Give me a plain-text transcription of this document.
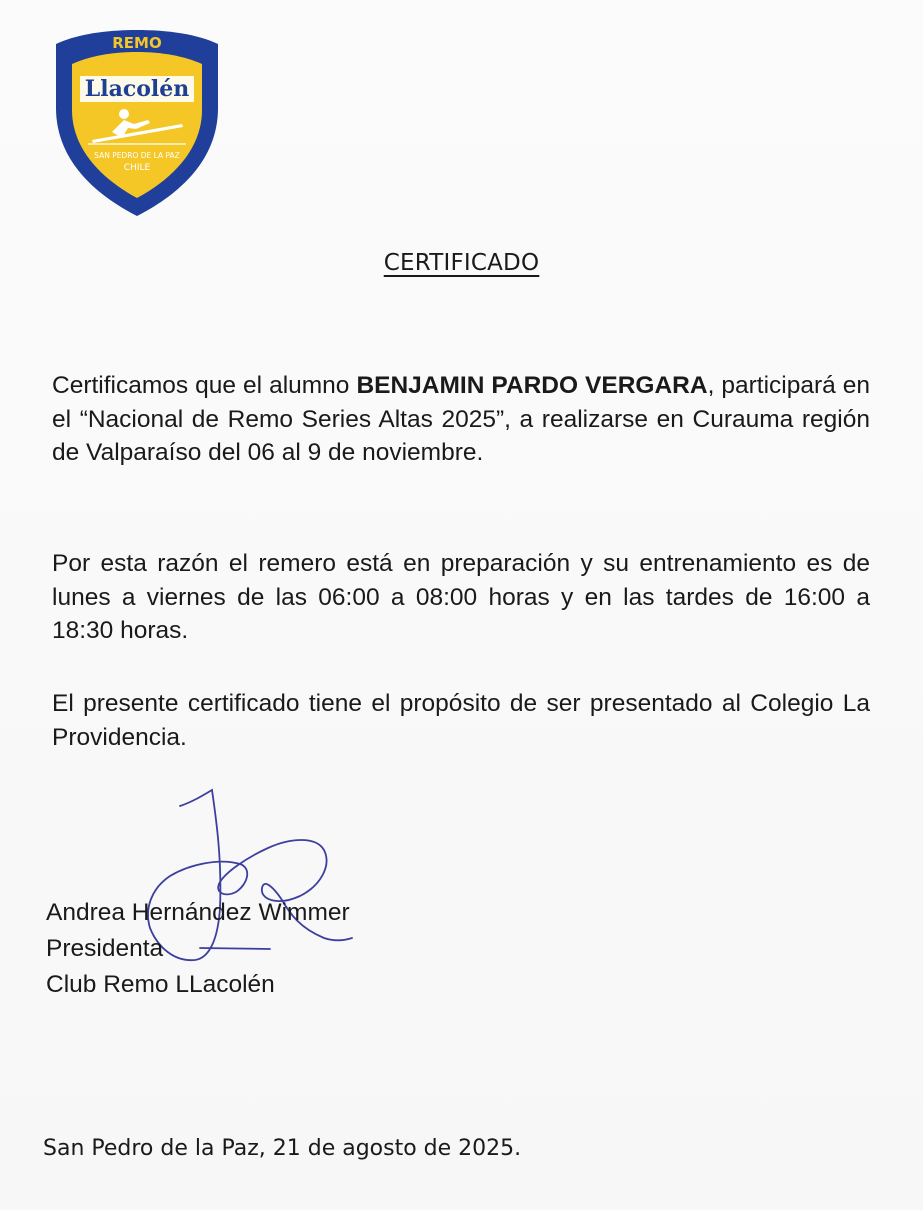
REMO
Llacolén
SAN PEDRO DE LA PAZ
CHILE
CERTIFICADO

Certificamos que el alumno BENJAMIN PARDO VERGARA, participará en el “Nacional de Remo Series Altas 2025”, a realizarse en Curauma región de Valparaíso del 06 al 9 de noviembre.

Por esta razón el remero está en preparación y su entrenamiento es de lunes a viernes de las 06:00 a 08:00 horas y en las tardes de 16:00 a 18:30 horas.

El presente certificado tiene el propósito de ser presentado al Colegio La Providencia.

Andrea Hernández Wimmer
Presidenta
Club Remo LLacolén
San Pedro de la Paz, 21 de agosto de 2025.
